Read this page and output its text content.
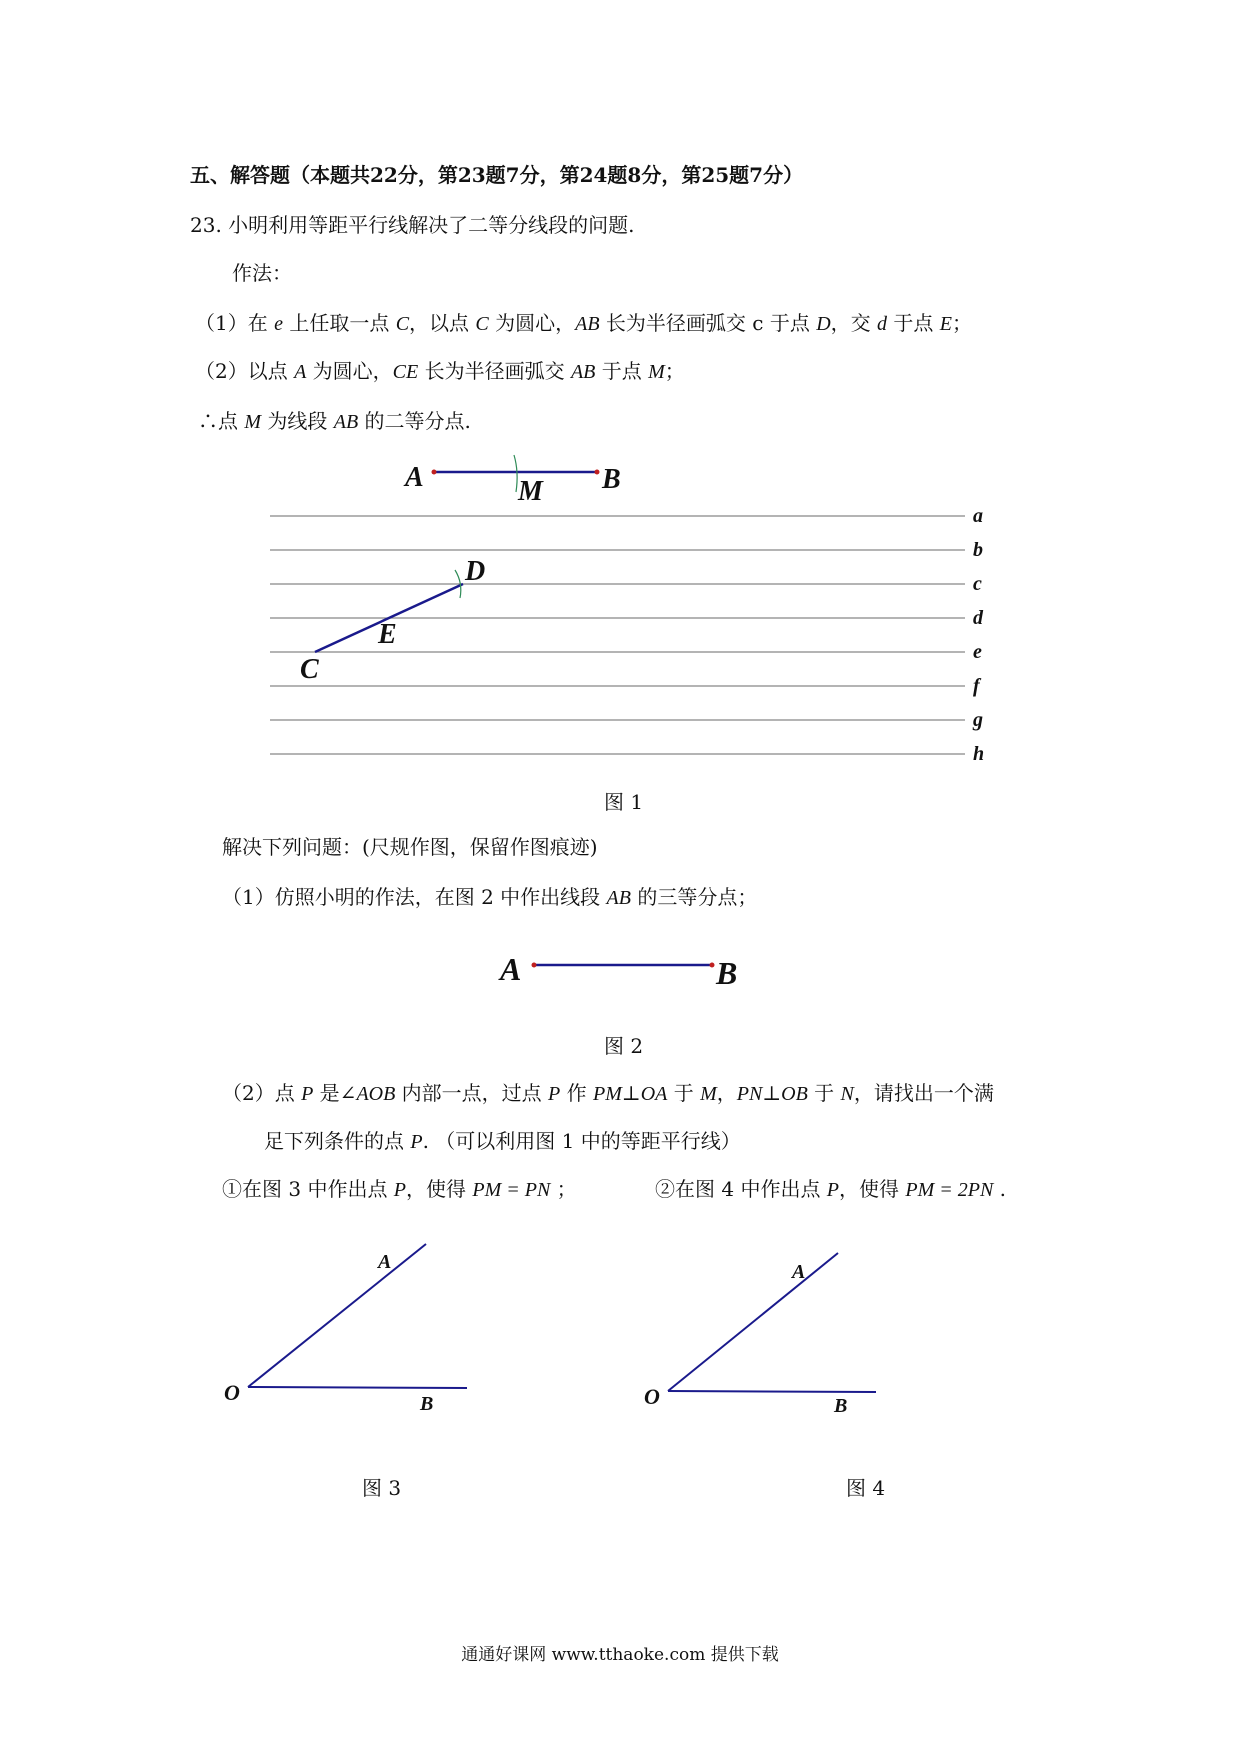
五、解答题（本题共22分，第23题7分，第24题8分，第25题7分）
23. 小明利用等距平行线解决了二等分线段的问题.
作法：
（1）在 e 上任取一点 C，以点 C 为圆心，AB 长为半径画弧交 c 于点 D，交 d 于点 E；
（2）以点 A 为圆心，CE 长为半径画弧交 AB 于点 M；
∴点 M 为线段 AB 的二等分点.
A	B
M
a
b
c
d
e
f
g
h
D
E
C
图 1
解决下列问题：(尺规作图，保留作图痕迹)
（1）仿照小明的作法，在图 2 中作出线段 AB 的三等分点；
A	B
图 2
（2）点 P 是∠AOB 内部一点，过点 P 作 PM⊥OA 于 M，PN⊥OB 于 N，请找出一个满
足下列条件的点 P. （可以利用图 1 中的等距平行线）
①在图 3 中作出点 P，使得 PM = PN ；	②在图 4 中作出点 P，使得 PM = 2PN .
O
A
B	O
A
B
图 3	图 4
通通好课网 www.tthaoke.com 提供下载
